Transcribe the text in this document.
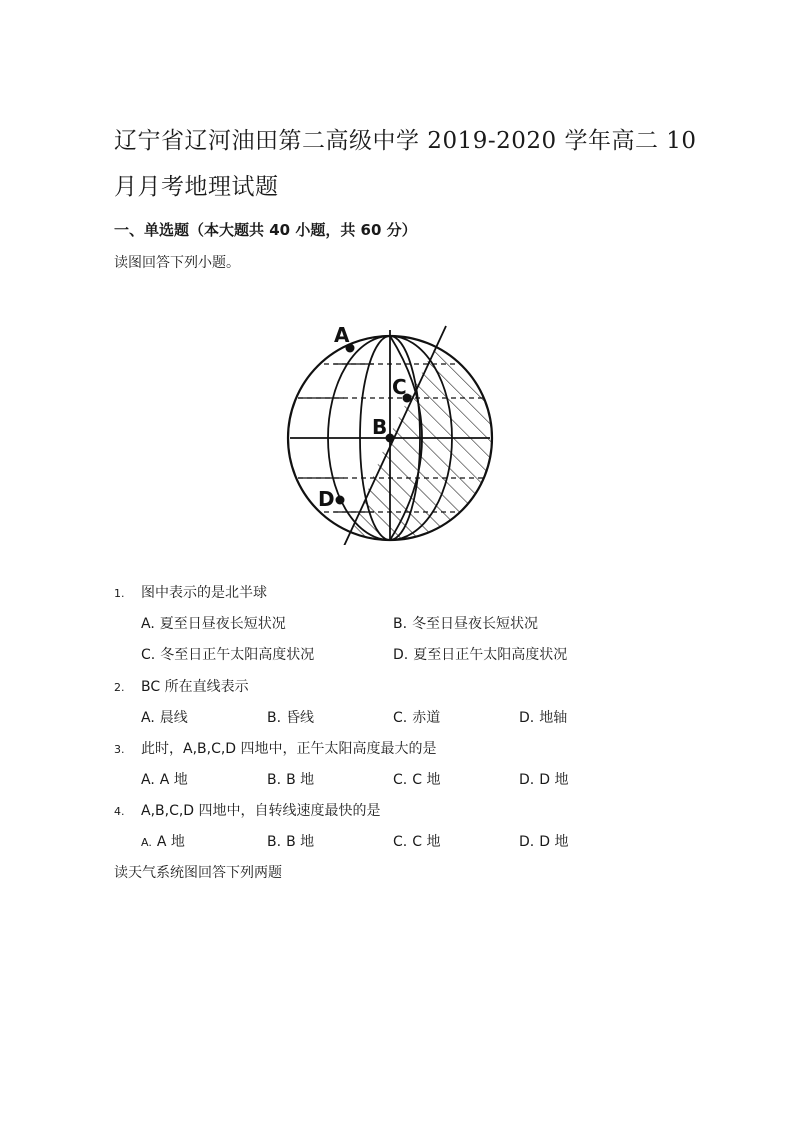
辽宁省辽河油田第二高级中学 2019-2020 学年高二 10
月月考地理试题

一、单选题（本大题共 40 小题，共 60 分）

读图回答下列小题。

A
B
C
D
1. 图中表示的是北半球
A. 夏至日昼夜长短状况	B. 冬至日昼夜长短状况
C. 冬至日正午太阳高度状况	D. 夏至日正午太阳高度状况
2. BC 所在直线表示
A. 晨线	B. 昏线	C. 赤道	D. 地轴
3. 此时，A,B,C,D 四地中，正午太阳高度最大的是
A. A 地	B. B 地	C. C 地	D. D 地
4. A,B,C,D 四地中，自转线速度最快的是
A. A 地	B. B 地	C. C 地	D. D 地

读天气系统图回答下列两题
